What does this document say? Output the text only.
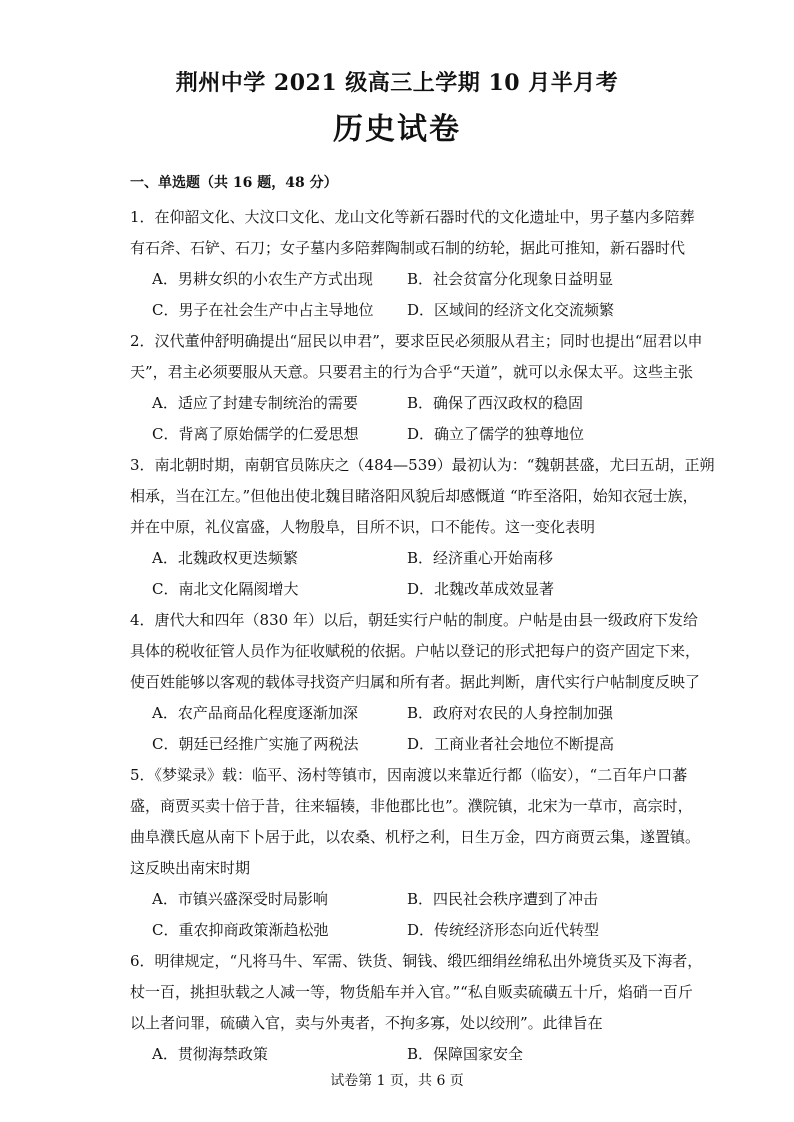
荆州中学 2021 级高三上学期 10 月半月考
历史试卷
一、单选题（共 16 题，48 分）
1．在仰韶文化、大汶口文化、龙山文化等新石器时代的文化遗址中，男子墓内多陪葬
有石斧、石铲、石刀；女子墓内多陪葬陶制或石制的纺轮，据此可推知，新石器时代
A．男耕女织的小农生产方式出现	B．社会贫富分化现象日益明显
C．男子在社会生产中占主导地位	D．区域间的经济文化交流频繁
2．汉代董仲舒明确提出“屈民以申君”，要求臣民必须服从君主；同时也提出“屈君以申
天”，君主必须要服从天意。只要君主的行为合乎“天道”，就可以永保太平。这些主张
A．适应了封建专制统治的需要	B．确保了西汉政权的稳固
C．背离了原始儒学的仁爱思想	D．确立了儒学的独尊地位
3．南北朝时期，南朝官员陈庆之（484—539）最初认为：“魏朝甚盛，尤曰五胡，正朔
相承，当在江左。”但他出使北魏目睹洛阳风貌后却感慨道 “昨至洛阳，始知衣冠士族，
并在中原，礼仪富盛，人物殷阜，目所不识，口不能传。这一变化表明
A．北魏政权更迭频繁	B．经济重心开始南移
C．南北文化隔阂增大	D．北魏改革成效显著
4．唐代大和四年（830 年）以后，朝廷实行户帖的制度。户帖是由县一级政府下发给
具体的税收征管人员作为征收赋税的依据。户帖以登记的形式把每户的资产固定下来，
使百姓能够以客观的载体寻找资产归属和所有者。据此判断，唐代实行户帖制度反映了
A．农产品商品化程度逐渐加深	B．政府对农民的人身控制加强
C．朝廷已经推广实施了两税法	D．工商业者社会地位不断提高
5．《梦粱录》载：临平、汤村等镇市，因南渡以来靠近行都（临安），“二百年户口蕃
盛，商贾买卖十倍于昔，往来辐辏，非他郡比也”。濮院镇，北宋为一草市，高宗时，
曲阜濮氏扈从南下卜居于此，以农桑、机杼之利，日生万金，四方商贾云集，遂置镇。
这反映出南宋时期
A．市镇兴盛深受时局影响	B．四民社会秩序遭到了冲击
C．重农抑商政策渐趋松弛	D．传统经济形态向近代转型
6．明律规定，“凡将马牛、军需、铁货、铜钱、缎匹细绢丝绵私出外境货买及下海者，
杖一百，挑担驮载之人减一等，物货船车并入官。”“私自贩卖硫磺五十斤，焰硝一百斤
以上者问罪，硫磺入官，卖与外夷者，不拘多寡，处以绞刑”。此律旨在
A．贯彻海禁政策	B．保障国家安全
试卷第 1 页，共 6 页
